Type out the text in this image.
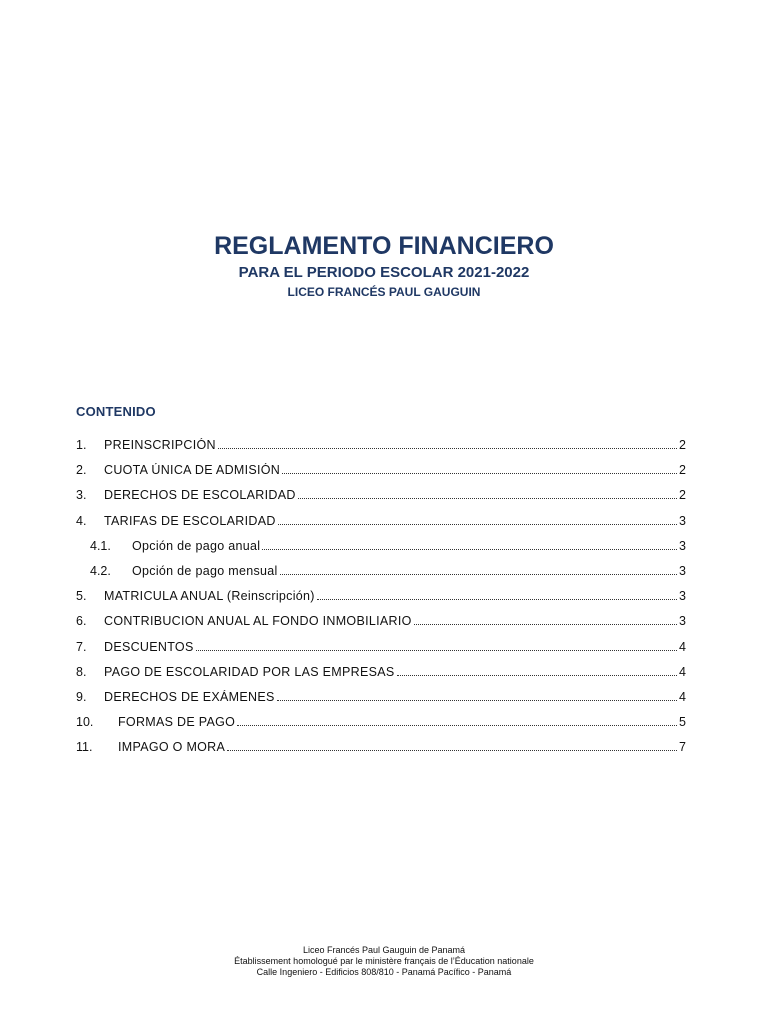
REGLAMENTO FINANCIERO
PARA EL PERIODO ESCOLAR 2021-2022
LICEO FRANCÉS PAUL GAUGUIN
CONTENIDO
1.	PREINSCRIPCIÓN	2
2.	CUOTA ÚNICA DE ADMISIÓN	2
3.	DERECHOS DE ESCOLARIDAD	2
4.	TARIFAS DE ESCOLARIDAD	3
4.1.	Opción de pago anual	3
4.2.	Opción de pago mensual	3
5.	MATRICULA ANUAL (Reinscripción)	3
6.	CONTRIBUCION ANUAL AL FONDO INMOBILIARIO	3
7.	DESCUENTOS	4
8.	PAGO DE ESCOLARIDAD POR LAS EMPRESAS	4
9.	DERECHOS DE EXÁMENES	4
10.	FORMAS DE PAGO	5
11.	IMPAGO O MORA	7
Liceo Francés Paul Gauguin de Panamá
Établissement homologué par le ministère français de l’Éducation nationale
Calle Ingeniero - Edificios 808/810 - Panamá Pacífico - Panamá
